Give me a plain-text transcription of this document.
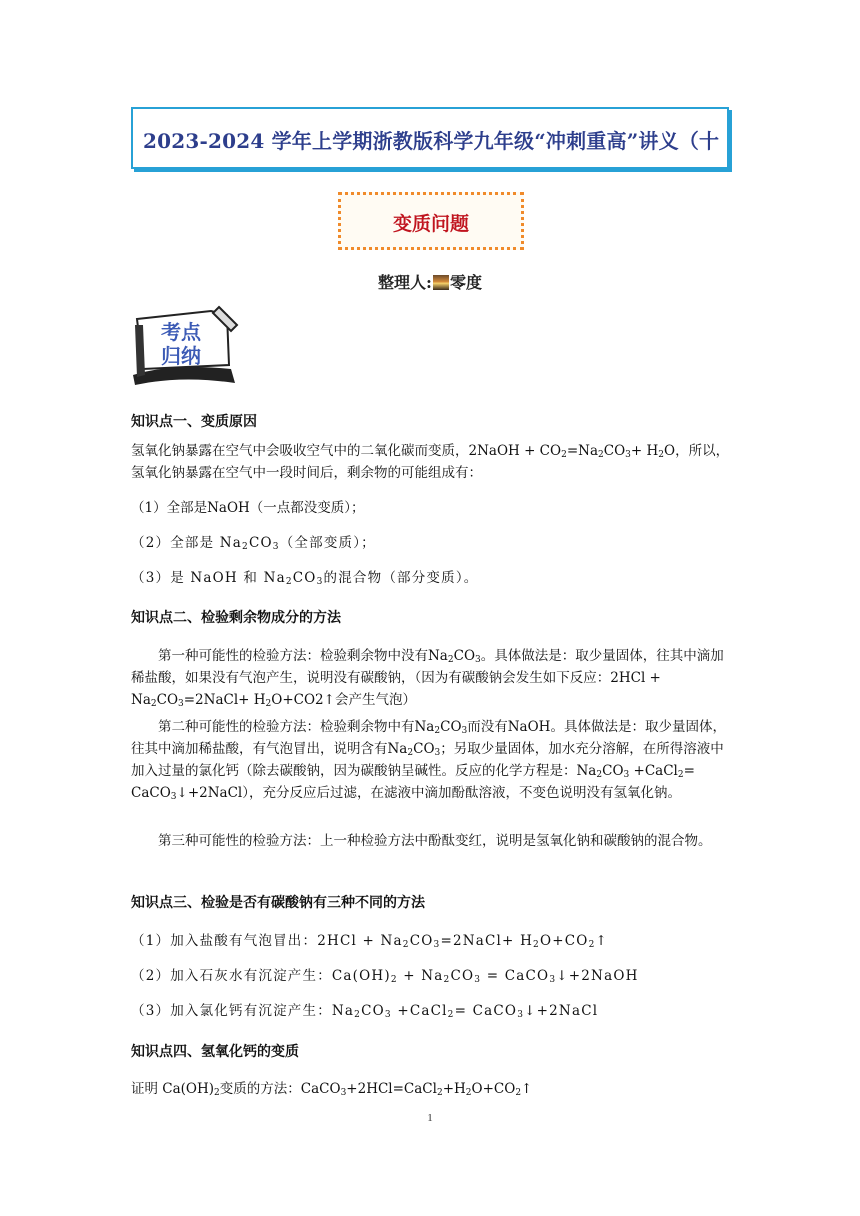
2023-2024 学年上学期浙教版科学九年级“冲刺重高”讲义（十
变质问题
整理人: 零度
考点
归纳
知识点一、变质原因
氢氧化钠暴露在空气中会吸收空气中的二氧化碳而变质，2NaOH + $CO_2=Na_2CO_3+ H_2O$，所以，氢氧化钠暴露在空气中一段时间后，剩余物的可能组成有：
（1）全部是NaOH（一点都没变质）；
（2）全部是 $Na_2CO_3$（全部变质）；
（3）是 NaOH 和 $Na_2CO_3$的混合物（部分变质）。
知识点二、检验剩余物成分的方法
第一种可能性的检验方法：检验剩余物中没有$Na_2CO_3$。具体做法是：取少量固体，往其中滴加稀盐酸，如果没有气泡产生，说明没有碳酸钠，（因为有碳酸钠会发生如下反应：$2HCl + Na_2CO_3=2NaCl+$ $H_2O+CO2↑$会产生气泡）
第二种可能性的检验方法：检验剩余物中有$Na_2CO_3$而没有NaOH。具体做法是：取少量固体，往其中滴加稀盐酸，有气泡冒出，说明含有$Na_2CO_3$；另取少量固体，加水充分溶解，在所得溶液中加入过量的氯化钙（除去碳酸钠，因为碳酸钠呈碱性。反应的化学方程是：$Na_2CO_3$ +CaCl$_2$= CaCO$_3$↓+2NaCl），充分反应后过滤，在滤液中滴加酚酞溶液，不变色说明没有氢氧化钠。
第三种可能性的检验方法：上一种检验方法中酚酞变红，说明是氢氧化钠和碳酸钠的混合物。
知识点三、检验是否有碳酸钠有三种不同的方法
（1）加入盐酸有气泡冒出：$2HCl + Na_2CO_3=2NaCl+$ $H_2O+CO_2↑$
（2）加入石灰水有沉淀产生：$Ca(OH)_2 + Na_2CO_3$ = CaCO$_3$↓+2NaOH
（3）加入氯化钙有沉淀产生：$Na_2CO_3$ +CaCl$_2$= CaCO$_3$↓+2NaCl
知识点四、氢氧化钙的变质
证明 $Ca(OH)_2$变质的方法：$CaCO_3+2HCl=CaCl_2+H_2O+CO_2↑$
1
